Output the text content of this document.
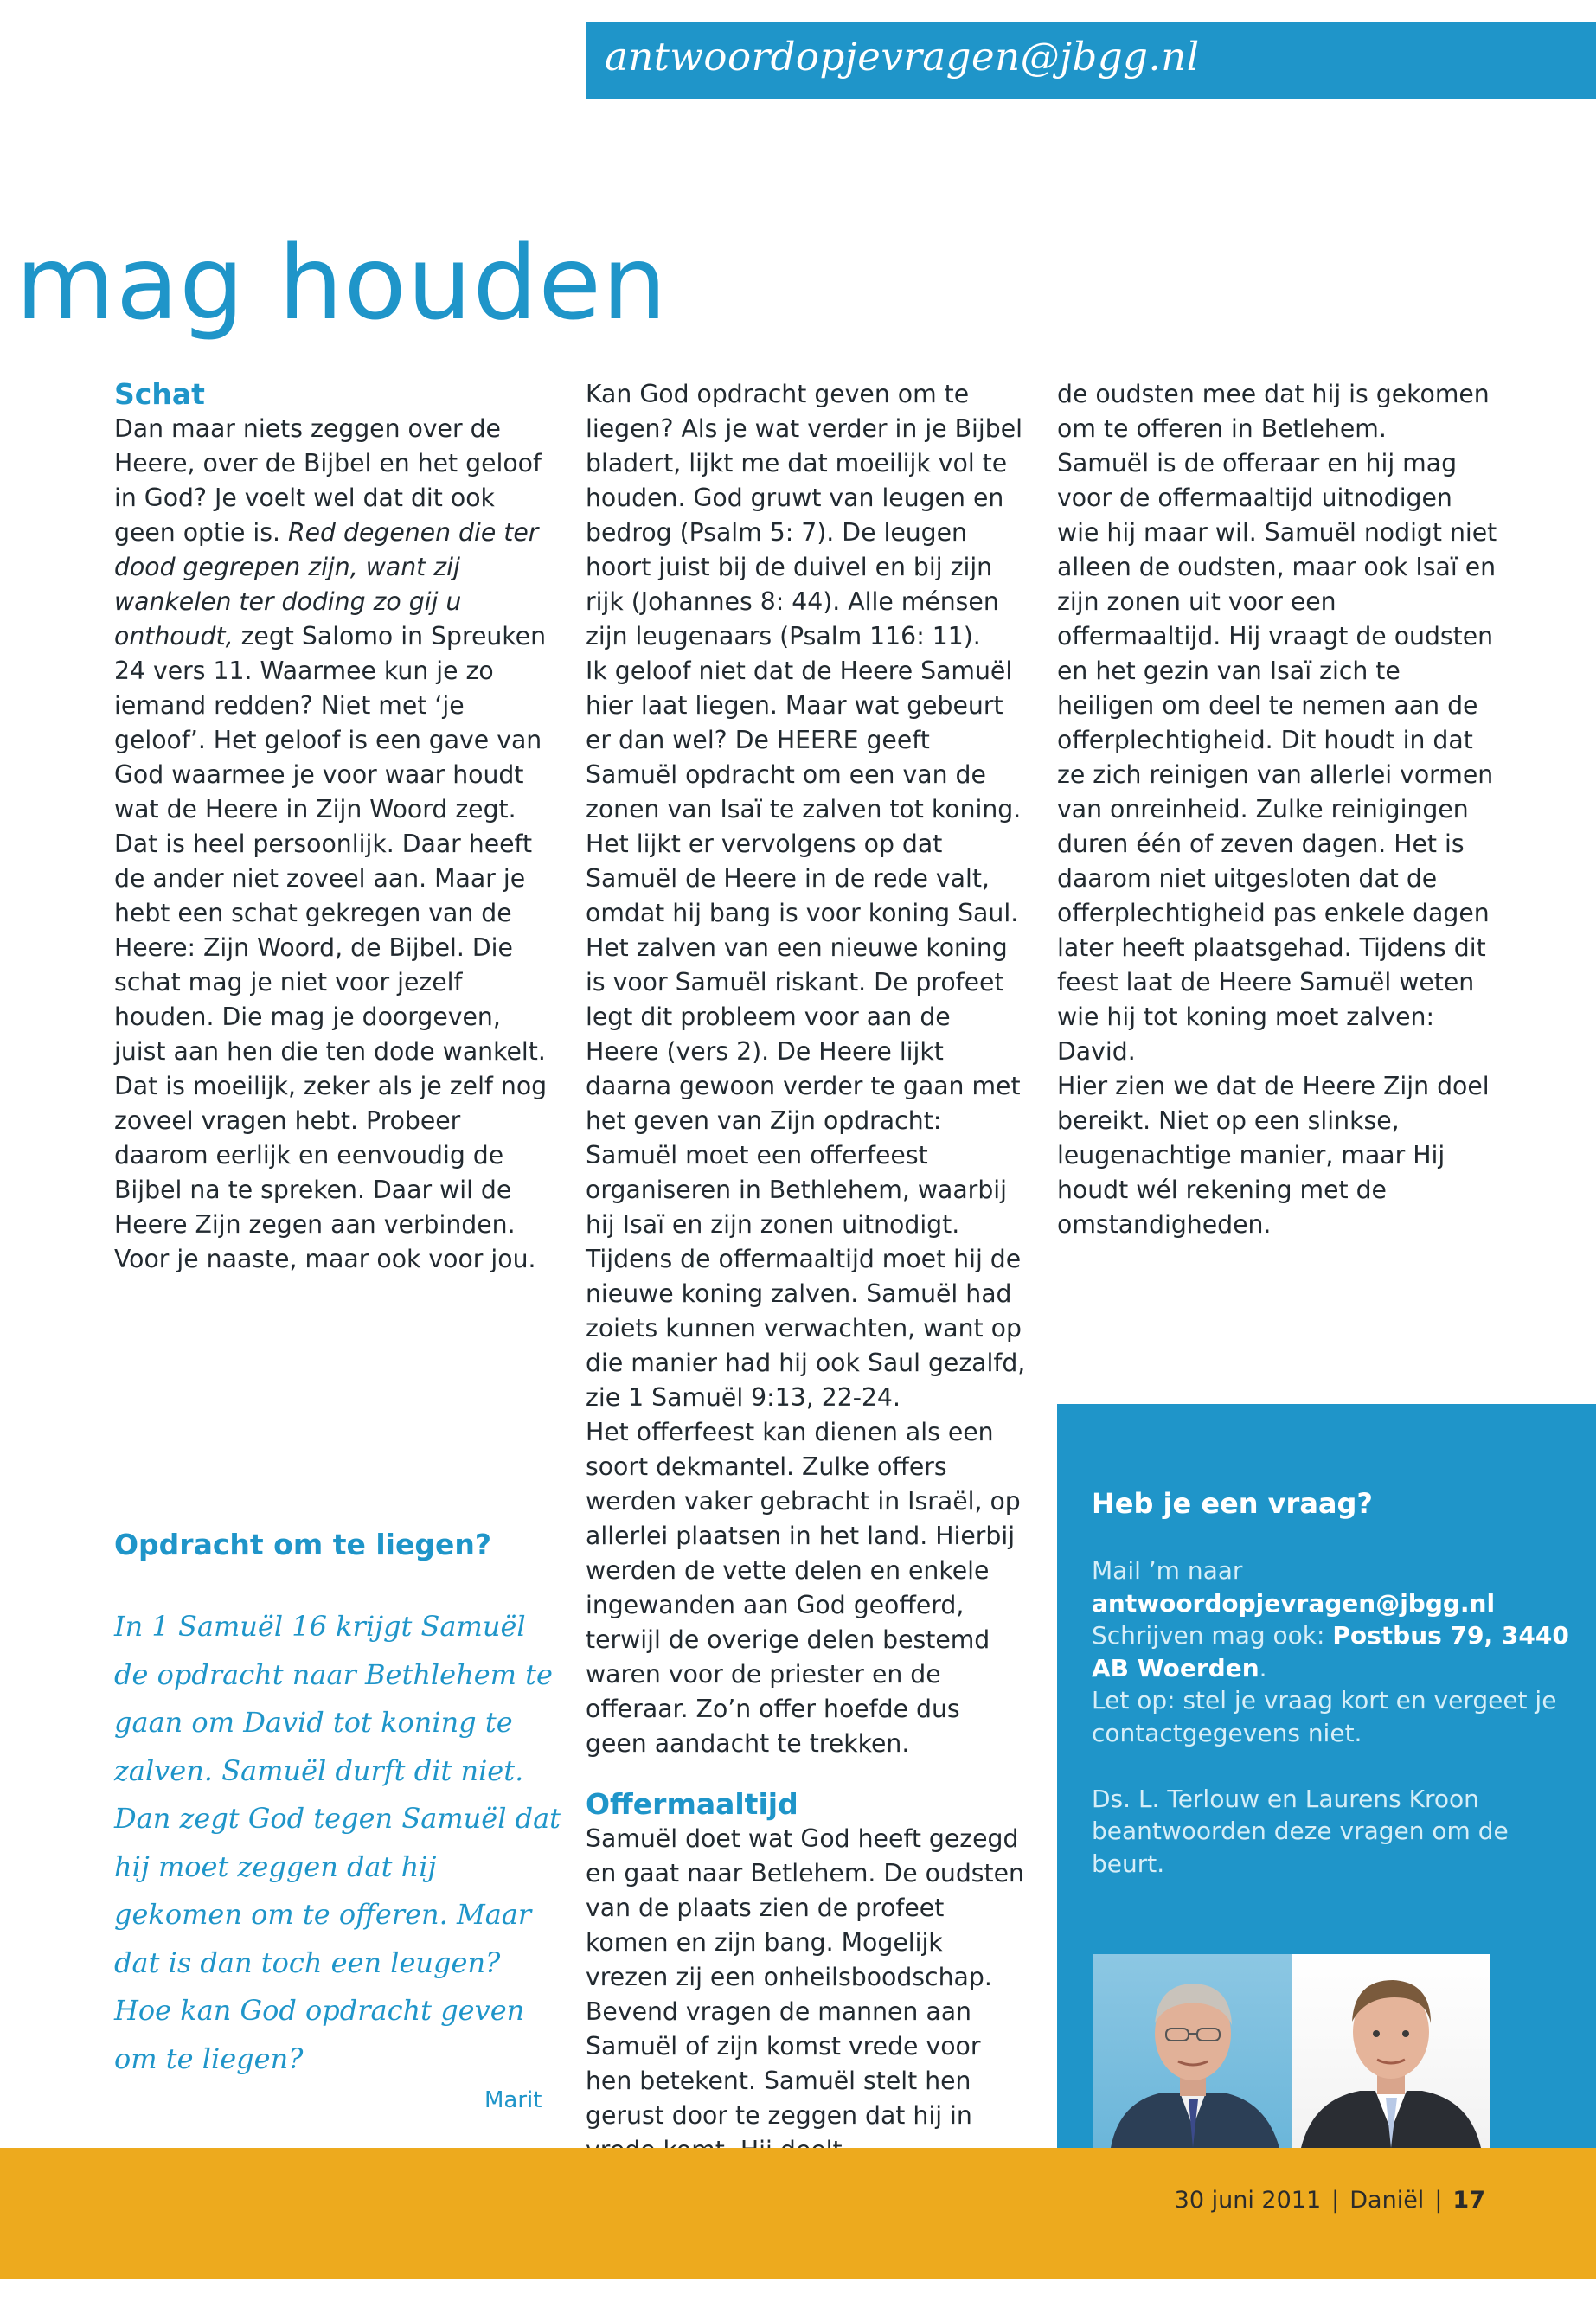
antwoordopjevragen@jbgg.nl
mag houden

Schat

Dan maar niets zeggen over de Heere, over de Bijbel en het geloof in God? Je voelt wel dat dit ook geen optie is. Red degenen die ter dood gegrepen zijn, want zij wankelen ter doding zo gij u onthoudt, zegt Salomo in Spreuken 24 vers 11. Waarmee kun je zo iemand redden? Niet met ‘je geloof’. Het geloof is een gave van God waarmee je voor waar houdt wat de Heere in Zijn Woord zegt. Dat is heel persoonlijk. Daar heeft de ander niet zoveel aan. Maar je hebt een schat gekregen van de Heere: Zijn Woord, de Bijbel. Die schat mag je niet voor jezelf houden. Die mag je doorgeven, juist aan hen die ten dode wankelt. Dat is moeilijk, zeker als je zelf nog zoveel vragen hebt. Probeer daarom eerlijk en eenvoudig de Bijbel na te spreken. Daar wil de Heere Zijn zegen aan verbinden. Voor je naaste, maar ook voor jou.

Opdracht om te liegen?

In 1 Samuël 16 krijgt Samuël de opdracht naar Bethlehem te gaan om David tot koning te zalven. Samuël durft dit niet. Dan zegt God tegen Samuël dat hij moet zeggen dat hij gekomen om te offeren. Maar dat is dan toch een leugen? Hoe kan God opdracht geven om te liegen?
Marit

Kan God opdracht geven om te liegen? Als je wat verder in je Bijbel bladert, lijkt me dat moeilijk vol te houden. God gruwt van leugen en bedrog (Psalm 5: 7). De leugen hoort juist bij de duivel en bij zijn rijk (Johannes 8: 44). Alle ménsen zijn leugenaars (Psalm 116: 11).

Ik geloof niet dat de Heere Samuël hier laat liegen. Maar wat gebeurt er dan wel? De HEERE geeft Samuël opdracht om een van de zonen van Isaï te zalven tot koning. Het lijkt er vervolgens op dat Samuël de Heere in de rede valt, omdat hij bang is voor koning Saul. Het zalven van een nieuwe koning is voor Samuël riskant. De profeet legt dit probleem voor aan de Heere (vers 2). De Heere lijkt daarna gewoon verder te gaan met het geven van Zijn opdracht: Samuël moet een offerfeest organiseren in Bethlehem, waarbij hij Isaï en zijn zonen uitnodigt. Tijdens de offermaaltijd moet hij de nieuwe koning zalven. Samuël had zoiets kunnen verwachten, want op die manier had hij ook Saul gezalfd, zie 1 Samuël 9:13, 22-24.

Het offerfeest kan dienen als een soort dekmantel. Zulke offers werden vaker gebracht in Israël, op allerlei plaatsen in het land. Hierbij werden de vette delen en enkele ingewanden aan God geofferd, terwijl de overige delen bestemd waren voor de priester en de offeraar. Zo’n offer hoefde dus geen aandacht te trekken.

Offermaaltijd

Samuël doet wat God heeft gezegd en gaat naar Betlehem. De oudsten van de plaats zien de profeet komen en zijn bang. Mogelijk vrezen zij een onheilsboodschap. Bevend vragen de mannen aan Samuël of zijn komst vrede voor hen betekent. Samuël stelt hen gerust door te zeggen dat hij in

de oudsten mee dat hij is gekomen om te offeren in Betlehem.

Samuël is de offeraar en hij mag voor de offermaaltijd uitnodigen wie hij maar wil. Samuël nodigt niet alleen de oudsten, maar ook Isaï en zijn zonen uit voor een offermaaltijd. Hij vraagt de oudsten en het gezin van Isaï zich te heiligen om deel te nemen aan de offerplechtigheid. Dit houdt in dat ze zich reinigen van allerlei vormen van onreinheid. Zulke reinigingen duren één of zeven dagen. Het is daarom niet uitgesloten dat de offerplechtigheid pas enkele dagen later heeft plaatsgehad. Tijdens dit feest laat de Heere Samuël weten wie hij tot koning moet zalven: David.

Hier zien we dat de Heere Zijn doel bereikt. Niet op een slinkse, leugenachtige manier, maar Hij houdt wél rekening met de omstandigheden.

Heb je een vraag?

Mail ’m naar

antwoordopjevragen@jbgg.nl

Schrijven mag ook: Postbus 79, 3440 AB Woerden.

Let op: stel je vraag kort en vergeet je contactgegevens niet.

Ds. L. Terlouw en Laurens Kroon beantwoorden deze vragen om de beurt.

30 juni 2011 | Daniël | 17
